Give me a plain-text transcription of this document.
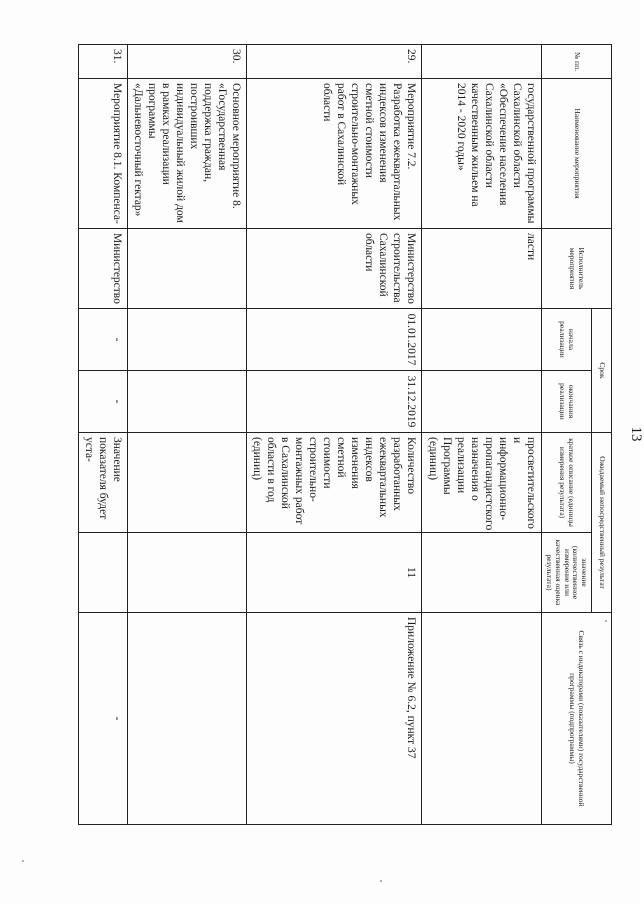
13
№ пп.	Наименование мероприятия	Исполнитель мероприятия	Срок		Ожидаемый непосредственный результат		Связь с индикаторами (показателями) государственной программы (подпрограммы)
			начала реализации	окончания реализации	краткое описание (единицы измерения результата)	значение (количественное измерение или качественная оценка результата)	
	государственной программы Сахалинской области «Обеспечение населения Сахалинской области качественным жильем на 2014 - 2020 годы»	ласти			просветительского и информационно-пропагандистского назначения о реализации Программы (единиц)		
29.	Мероприятие 7.2. Разработка ежеквартальных индексов изменения сметной стоимости строительно-монтажных работ в Сахалинской области	Министерство строительства Сахалинской области	01.01.2017	31.12.2019	Количество разработанных ежеквартальных индексов изменения сметной стоимости строительно-монтажных работ в Сахалинской области в год (единиц)	11	Приложение № 6.2, пункт 37
30.	Основное мероприятие 8. «Государственная поддержка граждан, построивших индивидуальный жилой дом в рамках реализации программы «Дальневосточный гектар»						
31.	Мероприятие 8.1. Компенса-	Министерство	-	-	Значение показателя будет уста-		-
